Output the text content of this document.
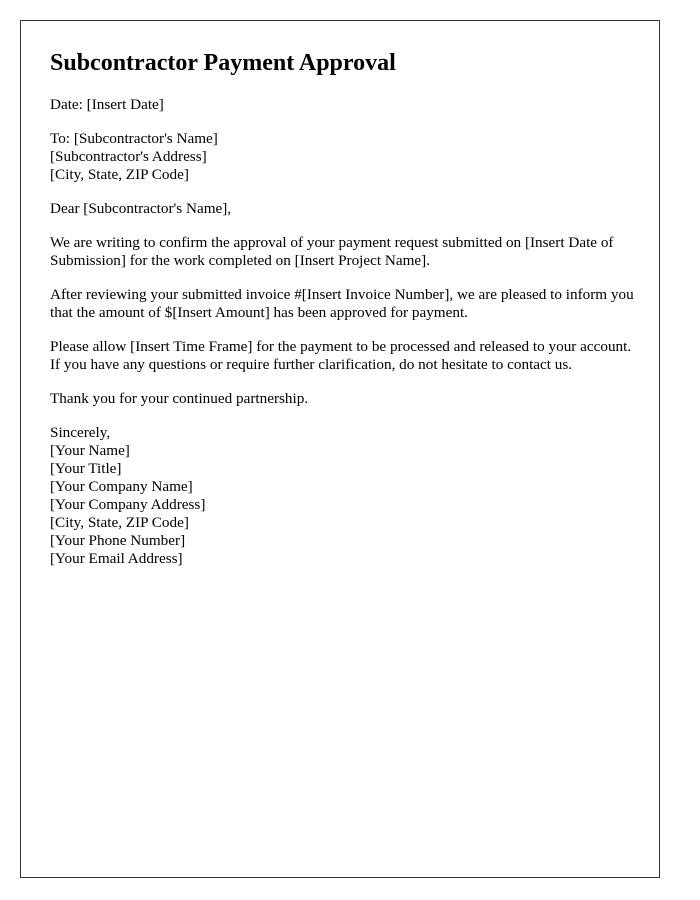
Subcontractor Payment Approval

Date: [Insert Date]

To: [Subcontractor's Name]
[Subcontractor's Address]
[City, State, ZIP Code]

Dear [Subcontractor's Name],

We are writing to confirm the approval of your payment request submitted on [Insert Date of Submission] for the work completed on [Insert Project Name].

After reviewing your submitted invoice #[Insert Invoice Number], we are pleased to inform you that the amount of $[Insert Amount] has been approved for payment.

Please allow [Insert Time Frame] for the payment to be processed and released to your account. If you have any questions or require further clarification, do not hesitate to contact us.

Thank you for your continued partnership.

Sincerely,
[Your Name]
[Your Title]
[Your Company Name]
[Your Company Address]
[City, State, ZIP Code]
[Your Phone Number]
[Your Email Address]
